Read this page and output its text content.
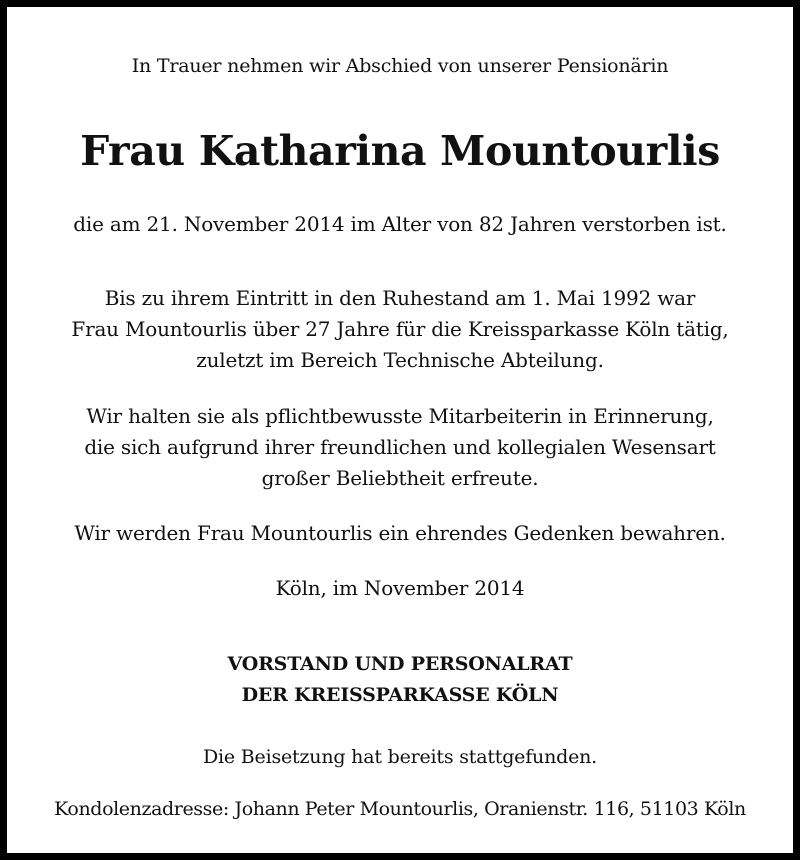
In Trauer nehmen wir Abschied von unserer Pensionärin
Frau Katharina Mountourlis
die am 21. November 2014 im Alter von 82 Jahren verstorben ist.
Bis zu ihrem Eintritt in den Ruhestand am 1. Mai 1992 war
Frau Mountourlis über 27 Jahre für die Kreissparkasse Köln tätig,
zuletzt im Bereich Technische Abteilung.
Wir halten sie als pflichtbewusste Mitarbeiterin in Erinnerung,
die sich aufgrund ihrer freundlichen und kollegialen Wesensart
großer Beliebtheit erfreute.
Wir werden Frau Mountourlis ein ehrendes Gedenken bewahren.
Köln, im November 2014
VORSTAND UND PERSONALRAT
DER KREISSPARKASSE KÖLN
Die Beisetzung hat bereits stattgefunden.
Kondolenzadresse: Johann Peter Mountourlis, Oranienstr. 116, 51103 Köln
